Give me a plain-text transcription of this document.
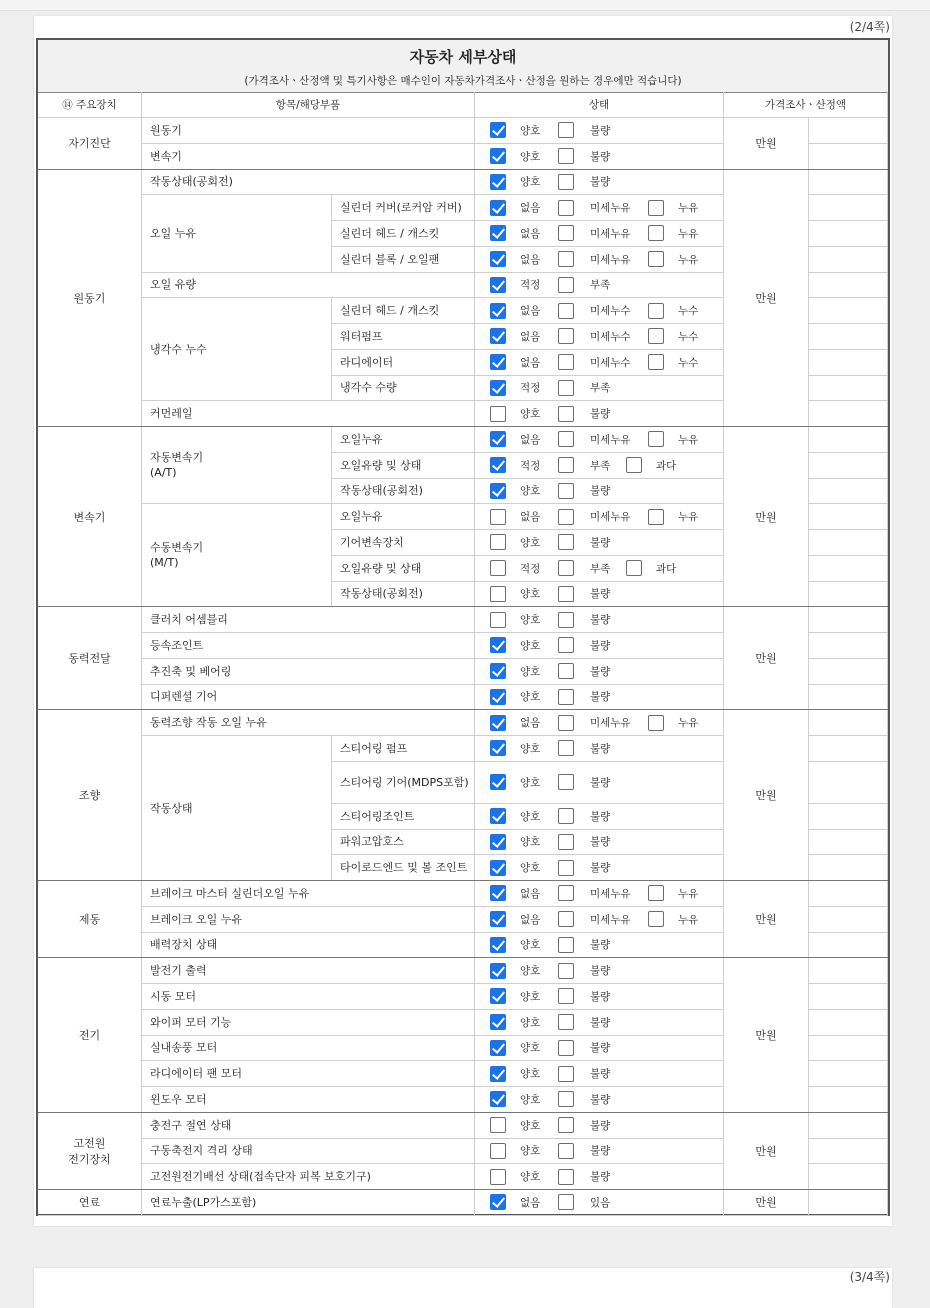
(2/4쪽)
자동차 세부상태
(가격조사ㆍ산정액 및 특기사항은 매수인이 자동차가격조사ㆍ산정을 원하는 경우에만 적습니다)
⑭ 주요장치	항목/해당부품	상태	가격조사ㆍ산정액
자기진단	만원
원동기	양호	불량
변속기	양호	불량
원동기	만원
작동상태(공회전)	양호	불량
오일 누유
실린더 커버(로커암 커버)	없음	미세누유	누유
실린더 헤드 / 개스킷	없음	미세누유	누유
실린더 블록 / 오일팬	없음	미세누유	누유
오일 유량	적정	부족
냉각수 누수
실린더 헤드 / 개스킷	없음	미세누수	누수
워터펌프	없음	미세누수	누수
라디에이터	없음	미세누수	누수
냉각수 수량	적정	부족
커먼레일	양호	불량
변속기	만원
자동변속기
(A/T)
오일누유	없음	미세누유	누유
오일유량 및 상태	적정	부족	과다
작동상태(공회전)	양호	불량
수동변속기
(M/T)
오일누유	없음	미세누유	누유
기어변속장치	양호	불량
오일유량 및 상태	적정	부족	과다
작동상태(공회전)	양호	불량
동력전달	만원
클러치 어셈블리	양호	불량
등속조인트	양호	불량
추진축 및 베어링	양호	불량
디퍼렌셜 기어	양호	불량
조향	만원
동력조향 작동 오일 누유	없음	미세누유	누유
작동상태
스티어링 펌프	양호	불량
스티어링 기어(MDPS포함)	양호	불량
스티어링조인트	양호	불량
파워고압호스	양호	불량
타이로드엔드 및 볼 조인트	양호	불량
제동	만원
브레이크 마스터 실린더오일 누유	없음	미세누유	누유
브레이크 오일 누유	없음	미세누유	누유
배력장치 상태	양호	불량
전기	만원
발전기 출력	양호	불량
시동 모터	양호	불량
와이퍼 모터 기능	양호	불량
실내송풍 모터	양호	불량
라디에이터 팬 모터	양호	불량
윈도우 모터	양호	불량
고전원
전기장치
만원
충전구 절연 상태	양호	불량
구동축전지 격리 상태	양호	불량
고전원전기배선 상태(접속단자 피복 보호기구)	양호	불량
연료	만원
연료누출(LP가스포함)	없음	있음
(3/4쪽)
